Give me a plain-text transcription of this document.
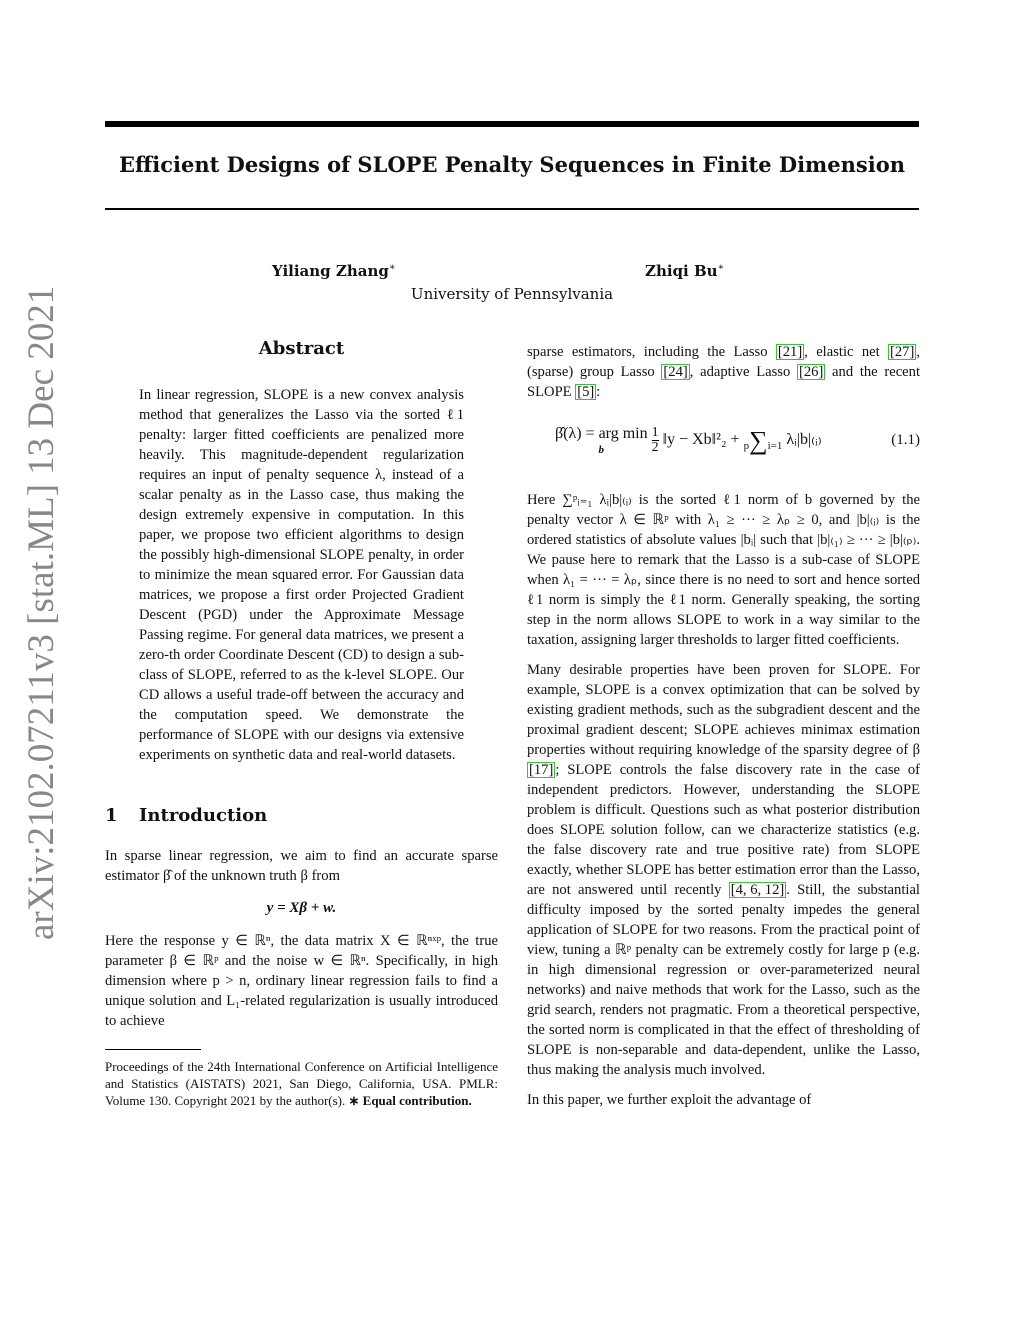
Efficient Designs of SLOPE Penalty Sequences in Finite Dimension
Yiliang Zhang∗	Zhiqi Bu∗
University of Pennsylvania
arXiv:2102.07211v3 [stat.ML] 13 Dec 2021	Abstract
In linear regression, SLOPE is a new convex analysis method that generalizes the Lasso via the sorted ℓ1 penalty: larger fitted coefficients are penalized more heavily. This magnitude-dependent regularization requires an input of penalty sequence λ, instead of a scalar penalty as in the Lasso case, thus making the design extremely expensive in computation. In this paper, we propose two efficient algorithms to design the possibly high-dimensional SLOPE penalty, in order to minimize the mean squared error. For Gaussian data matrices, we propose a first order Projected Gradient Descent (PGD) under the Approximate Message Passing regime. For general data matrices, we present a zero-th order Coordinate Descent (CD) to design a sub-class of SLOPE, referred to as the k-level SLOPE. Our CD allows a useful trade-off between the accuracy and the computation speed. We demonstrate the performance of SLOPE with our designs via extensive experiments on synthetic data and real-world datasets.
1 Introduction

In sparse linear regression, we aim to find an accurate sparse estimator β̂ of the unknown truth β from

y = Xβ + w.

Here the response y ∈ ℝⁿ, the data matrix X ∈ ℝⁿˣᵖ, the true parameter β ∈ ℝᵖ and the noise w ∈ ℝⁿ. Specifically, in high dimension where p > n, ordinary linear regression fails to find a unique solution and L₁-related regularization is usually introduced to achieve

Proceedings of the 24th International Conference on Artificial Intelligence and Statistics (AISTATS) 2021, San Diego, California, USA. PMLR: Volume 130. Copyright 2021 by the author(s). ∗ Equal contribution.

sparse estimators, including the Lasso [21] , elastic net [27] , (sparse) group Lasso [24] , adaptive Lasso [26] and the recent SLOPE [5] :

β̂(λ) = arg min
b
	$\frac{1}{2}$ ‖y − Xb‖²₂ + p∑i=1 λᵢ|b|₍ᵢ₎	(1.1)

Here ∑ᵖᵢ₌₁ λᵢ|b|₍ᵢ₎ is the sorted ℓ1 norm of b governed by the penalty vector λ ∈ ℝᵖ with λ₁ ≥ ··· ≥ λₚ ≥ 0, and |b|₍ᵢ₎ is the ordered statistics of absolute values |bᵢ| such that |b|₍₁₎ ≥ ··· ≥ |b|₍ₚ₎. We pause here to remark that the Lasso is a sub-case of SLOPE when λ₁ = ··· = λₚ, since there is no need to sort and hence sorted ℓ1 norm is simply the ℓ1 norm. Generally speaking, the sorting step in the norm allows SLOPE to work in a way similar to the taxation, assigning larger thresholds to larger fitted coefficients.

Many desirable properties have been proven for SLOPE. For example, SLOPE is a convex optimization that can be solved by existing gradient methods, such as the subgradient descent and the proximal gradient descent; SLOPE achieves minimax estimation properties without requiring knowledge of the sparsity degree of β [17] ; SLOPE controls the false discovery rate in the case of independent predictors. However, understanding the SLOPE problem is difficult. Questions such as what posterior distribution does SLOPE solution follow, can we characterize statistics (e.g. the false discovery rate and true positive rate) from SLOPE exactly, whether SLOPE has better estimation error than the Lasso, are not answered until recently [4, 6, 12] . Still, the substantial difficulty imposed by the sorted penalty impedes the general application of SLOPE for two reasons. From the practical point of view, tuning a ℝᵖ penalty can be extremely costly for large p (e.g. in high dimensional regression or over-parameterized neural networks) and naive methods that work for the Lasso, such as the grid search, renders not pragmatic. From a theoretical perspective, the sorted norm is complicated in that the effect of thresholding of SLOPE is non-separable and data-dependent, unlike the Lasso, thus making the analysis much involved.

In this paper, we further exploit the advantage of
